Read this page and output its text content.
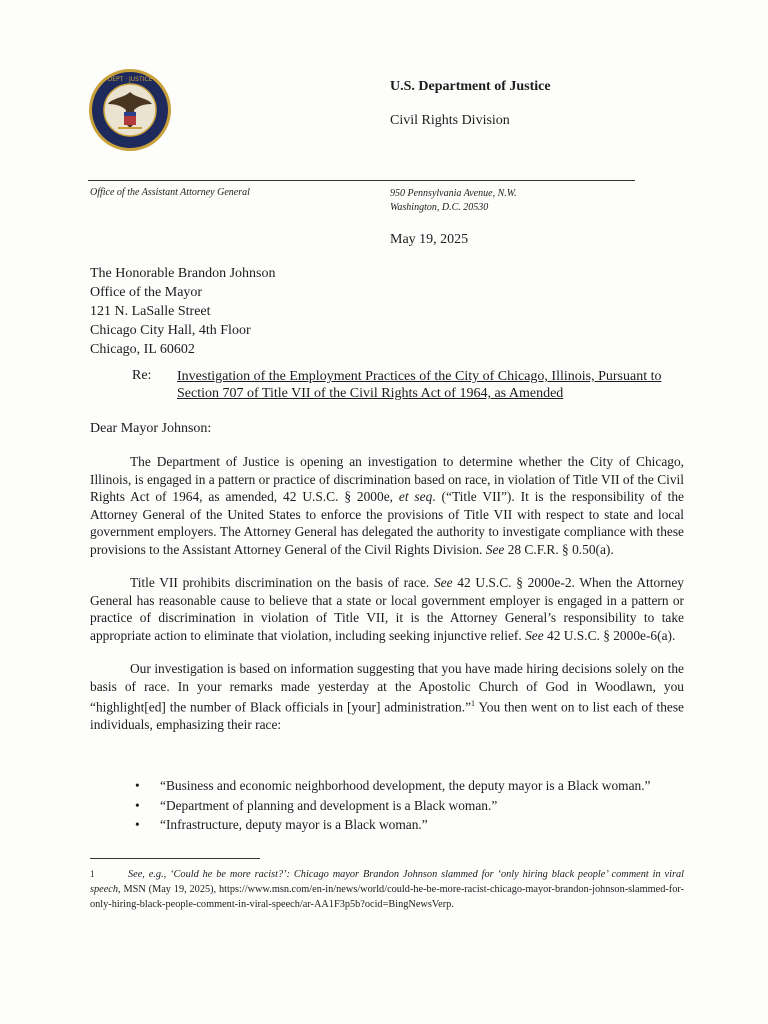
DEPT · JUSTICE	U.S. Department of Justice
Civil Rights Division
Office of the Assistant Attorney General	950 Pennsylvania Avenue, N.W.
Washington, D.C. 20530
May 19, 2025
The Honorable Brandon Johnson
Office of the Mayor
121 N. LaSalle Street
Chicago City Hall, 4th Floor
Chicago, IL 60602
Re: Investigation of the Employment Practices of the City of Chicago, Illinois, Pursuant to Section 707 of Title VII of the Civil Rights Act of 1964, as Amended
Dear Mayor Johnson:

The Department of Justice is opening an investigation to determine whether the City of Chicago, Illinois, is engaged in a pattern or practice of discrimination based on race, in violation of Title VII of the Civil Rights Act of 1964, as amended, 42 U.S.C. § 2000e, et seq. (“Title VII”). It is the responsibility of the Attorney General of the United States to enforce the provisions of Title VII with respect to state and local government employers. The Attorney General has delegated the authority to investigate compliance with these provisions to the Assistant Attorney General of the Civil Rights Division. See 28 C.F.R. § 0.50(a).

Title VII prohibits discrimination on the basis of race. See 42 U.S.C. § 2000e-2. When the Attorney General has reasonable cause to believe that a state or local government employer is engaged in a pattern or practice of discrimination in violation of Title VII, it is the Attorney General’s responsibility to take appropriate action to eliminate that violation, including seeking injunctive relief. See 42 U.S.C. § 2000e-6(a).

Our investigation is based on information suggesting that you have made hiring decisions solely on the basis of race. In your remarks made yesterday at the Apostolic Church of God in Woodlawn, you “highlight[ed] the number of Black officials in [your] administration.”$^1$ You then went on to list each of these individuals, emphasizing their race:

• “Business and economic neighborhood development, the deputy mayor is a Black woman.”
• “Department of planning and development is a Black woman.”
• “Infrastructure, deputy mayor is a Black woman.”
1	See, e.g., ‘Could he be more racist?’: Chicago mayor Brandon Johnson slammed for ‘only hiring black people’ comment in viral speech, MSN (May 19, 2025), https://www.msn.com/en-in/news/world/could-he-be-more-racist-chicago-mayor-brandon-johnson-slammed-for-only-hiring-black-people-comment-in-viral-speech/ar-AA1F3p5b?ocid=BingNewsVerp.
